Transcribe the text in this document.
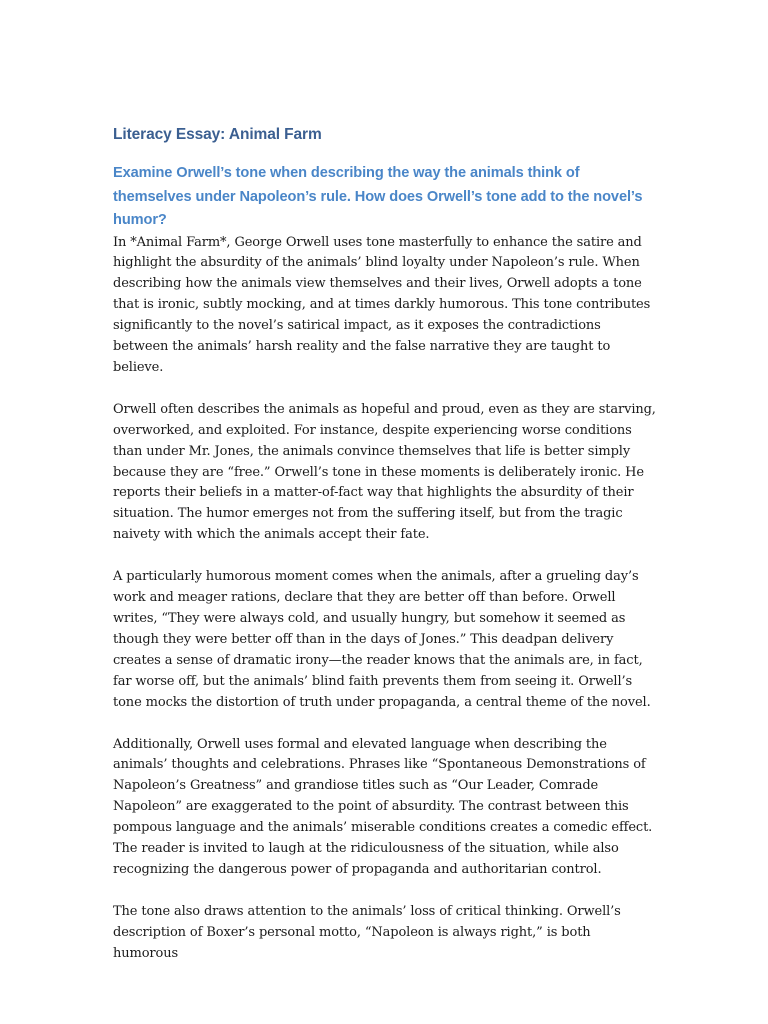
Literacy Essay: Animal Farm
Examine Orwell’s tone when describing the way the animals think of themselves under Napoleon’s rule. How does Orwell’s tone add to the novel’s humor?

In *Animal Farm*, George Orwell uses tone masterfully to enhance the satire and highlight the absurdity of the animals’ blind loyalty under Napoleon’s rule. When describing how the animals view themselves and their lives, Orwell adopts a tone that is ironic, subtly mocking, and at times darkly humorous. This tone contributes significantly to the novel’s satirical impact, as it exposes the contradictions between the animals’ harsh reality and the false narrative they are taught to believe.

Orwell often describes the animals as hopeful and proud, even as they are starving, overworked, and exploited. For instance, despite experiencing worse conditions than under Mr. Jones, the animals convince themselves that life is better simply because they are “free.” Orwell’s tone in these moments is deliberately ironic. He reports their beliefs in a matter-of-fact way that highlights the absurdity of their situation. The humor emerges not from the suffering itself, but from the tragic naivety with which the animals accept their fate.

A particularly humorous moment comes when the animals, after a grueling day’s work and meager rations, declare that they are better off than before. Orwell writes, “They were always cold, and usually hungry, but somehow it seemed as though they were better off than in the days of Jones.” This deadpan delivery creates a sense of dramatic irony—the reader knows that the animals are, in fact, far worse off, but the animals’ blind faith prevents them from seeing it. Orwell’s tone mocks the distortion of truth under propaganda, a central theme of the novel.

Additionally, Orwell uses formal and elevated language when describing the animals’ thoughts and celebrations. Phrases like “Spontaneous Demonstrations of Napoleon’s Greatness” and grandiose titles such as “Our Leader, Comrade Napoleon” are exaggerated to the point of absurdity. The contrast between this pompous language and the animals’ miserable conditions creates a comedic effect. The reader is invited to laugh at the ridiculousness of the situation, while also recognizing the dangerous power of propaganda and authoritarian control.

The tone also draws attention to the animals’ loss of critical thinking. Orwell’s description of Boxer’s personal motto, “Napoleon is always right,” is both humorous
